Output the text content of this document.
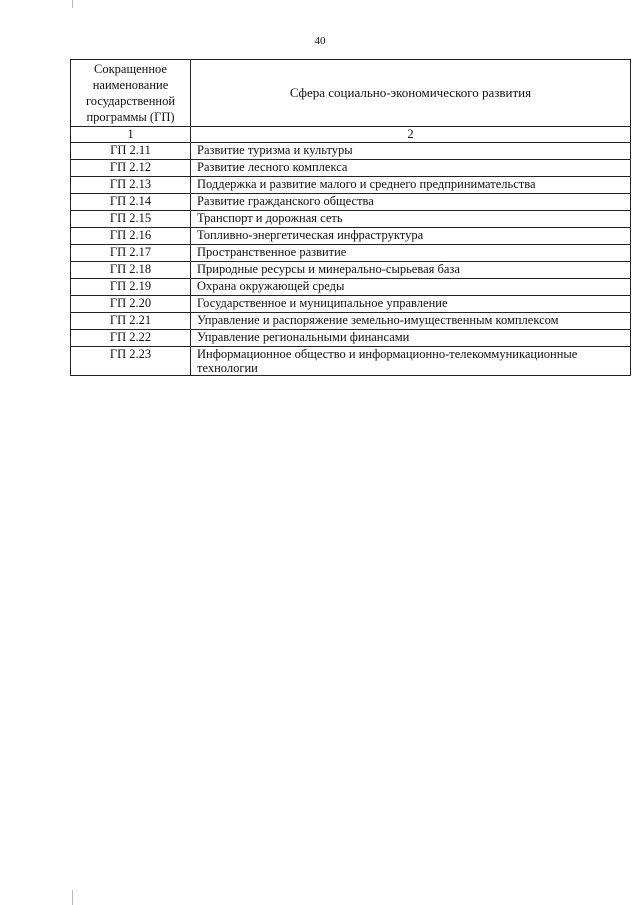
40
Сокращенное наименование государственной программы (ГП)	Сфера социально-экономического развития
1	2
ГП 2.11	Развитие туризма и культуры
ГП 2.12	Развитие лесного комплекса
ГП 2.13	Поддержка и развитие малого и среднего предпринимательства
ГП 2.14	Развитие гражданского общества
ГП 2.15	Транспорт и дорожная сеть
ГП 2.16	Топливно-энергетическая инфраструктура
ГП 2.17	Пространственное развитие
ГП 2.18	Природные ресурсы и минерально-сырьевая база
ГП 2.19	Охрана окружающей среды
ГП 2.20	Государственное и муниципальное управление
ГП 2.21	Управление и распоряжение земельно-имущественным комплексом
ГП 2.22	Управление региональными финансами
ГП 2.23	Информационное общество и информационно-телекоммуникационные технологии
